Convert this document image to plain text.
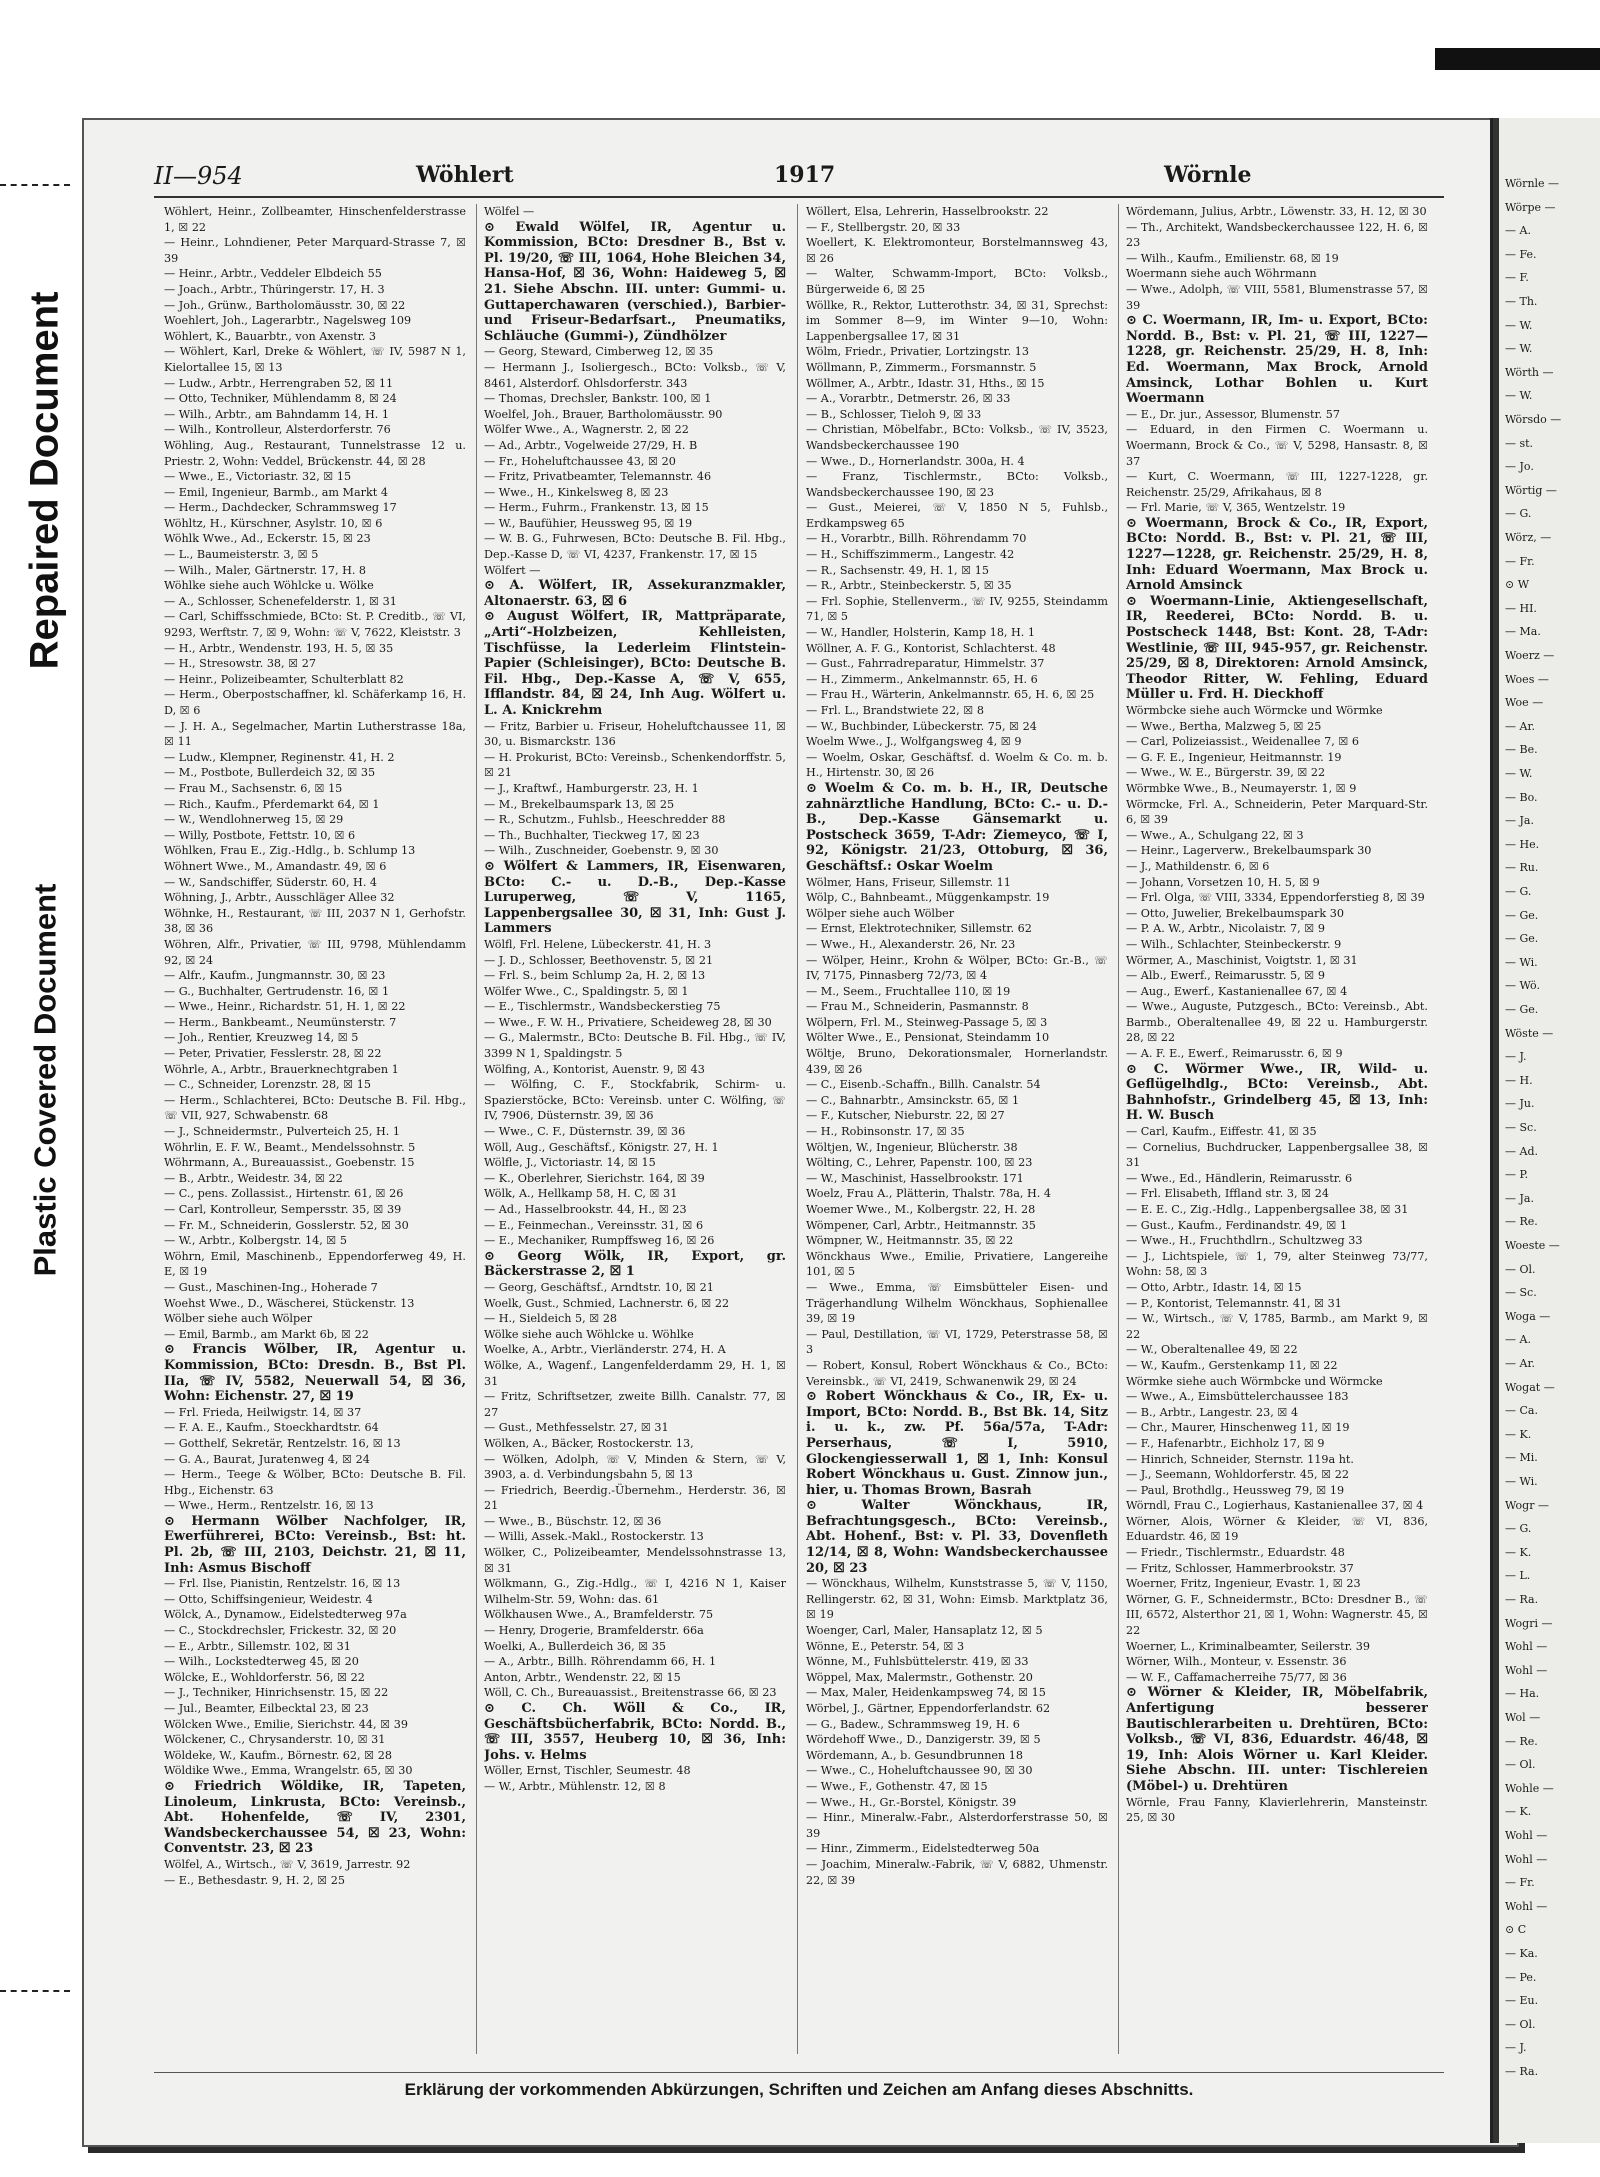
Repaired Document
Plastic Covered Document
II—954	Wöhlert	1917	Wörnle

Wöhlert, Heinr., Zollbeamter, Hinschenfelderstrasse 1, ☒ 22

— Heinr., Lohndiener, Peter Marquard-Strasse 7, ☒ 39

— Heinr., Arbtr., Veddeler Elbdeich 55

— Joach., Arbtr., Thüringerstr. 17, H. 3

— Joh., Grünw., Bartholomäusstr. 30, ☒ 22

Woehlert, Joh., Lagerarbtr., Nagelsweg 109

Wöhlert, K., Bauarbtr., von Axenstr. 3

— Wöhlert, Karl, Dreke & Wöhlert, ☏ IV, 5987 N 1, Kielortallee 15, ☒ 13

— Ludw., Arbtr., Herrengraben 52, ☒ 11

— Otto, Techniker, Mühlendamm 8, ☒ 24

— Wilh., Arbtr., am Bahndamm 14, H. 1

— Wilh., Kontrolleur, Alsterdorferstr. 76

Wöhling, Aug., Restaurant, Tunnelstrasse 12 u. Priestr. 2, Wohn: Veddel, Brückenstr. 44, ☒ 28

— Wwe., E., Victoriastr. 32, ☒ 15

— Emil, Ingenieur, Barmb., am Markt 4

— Herm., Dachdecker, Schrammsweg 17

Wöhltz, H., Kürschner, Asylstr. 10, ☒ 6

Wöhlk Wwe., Ad., Eckerstr. 15, ☒ 23

— L., Baumeisterstr. 3, ☒ 5

— Wilh., Maler, Gärtnerstr. 17, H. 8

Wöhlke siehe auch Wöhlcke u. Wölke

— A., Schlosser, Schenefelderstr. 1, ☒ 31

— Carl, Schiffsschmiede, BCto: St. P. Creditb., ☏ VI, 9293, Werftstr. 7, ☒ 9, Wohn: ☏ V, 7622, Kleiststr. 3

— H., Arbtr., Wendenstr. 193, H. 5, ☒ 35

— H., Stresowstr. 38, ☒ 27

— Heinr., Polizeibeamter, Schulterblatt 82

— Herm., Oberpostschaffner, kl. Schäferkamp 16, H. D, ☒ 6

— J. H. A., Segelmacher, Martin Lutherstrasse 18a, ☒ 11

— Ludw., Klempner, Reginenstr. 41, H. 2

— M., Postbote, Bullerdeich 32, ☒ 35

— Frau M., Sachsenstr. 6, ☒ 15

— Rich., Kaufm., Pferdemarkt 64, ☒ 1

— W., Wendlohnerweg 15, ☒ 29

— Willy, Postbote, Fettstr. 10, ☒ 6

Wöhlken, Frau E., Zig.-Hdlg., b. Schlump 13

Wöhnert Wwe., M., Amandastr. 49, ☒ 6

— W., Sandschiffer, Süderstr. 60, H. 4

Wöhning, J., Arbtr., Ausschläger Allee 32

Wöhnke, H., Restaurant, ☏ III, 2037 N 1, Gerhofstr. 38, ☒ 36

Wöhren, Alfr., Privatier, ☏ III, 9798, Mühlendamm 92, ☒ 24

— Alfr., Kaufm., Jungmannstr. 30, ☒ 23

— G., Buchhalter, Gertrudenstr. 16, ☒ 1

— Wwe., Heinr., Richardstr. 51, H. 1, ☒ 22

— Herm., Bankbeamt., Neumünsterstr. 7

— Joh., Rentier, Kreuzweg 14, ☒ 5

— Peter, Privatier, Fesslerstr. 28, ☒ 22

Wöhrle, A., Arbtr., Brauerknechtgraben 1

— C., Schneider, Lorenzstr. 28, ☒ 15

— Herm., Schlachterei, BCto: Deutsche B. Fil. Hbg., ☏ VII, 927, Schwabenstr. 68

— J., Schneidermstr., Pulverteich 25, H. 1

Wöhrlin, E. F. W., Beamt., Mendelssohnstr. 5

Wöhrmann, A., Bureauassist., Goebenstr. 15

— B., Arbtr., Weidestr. 34, ☒ 22

— C., pens. Zollassist., Hirtenstr. 61, ☒ 26

— Carl, Kontrolleur, Sempersstr. 35, ☒ 39

— Fr. M., Schneiderin, Gosslerstr. 52, ☒ 30

— W., Arbtr., Kolbergstr. 14, ☒ 5

Wöhrn, Emil, Maschinenb., Eppendorferweg 49, H. E, ☒ 19

— Gust., Maschinen-Ing., Hoherade 7

Woehst Wwe., D., Wäscherei, Stückenstr. 13

Wölber siehe auch Wölper

— Emil, Barmb., am Markt 6b, ☒ 22

⊙ Francis Wölber, IR, Agentur u. Kommission, BCto: Dresdn. B., Bst Pl. IIa, ☏ IV, 5582, Neuerwall 54, ☒ 36, Wohn: Eichenstr. 27, ☒ 19

— Frl. Frieda, Heilwigstr. 14, ☒ 37

— F. A. E., Kaufm., Stoeckhardtstr. 64

— Gotthelf, Sekretär, Rentzelstr. 16, ☒ 13

— G. A., Baurat, Juratenweg 4, ☒ 24

— Herm., Teege & Wölber, BCto: Deutsche B. Fil. Hbg., Eichenstr. 63

— Wwe., Herm., Rentzelstr. 16, ☒ 13

⊙ Hermann Wölber Nachfolger, IR, Ewerführerei, BCto: Vereinsb., Bst: ht. Pl. 2b, ☏ III, 2103, Deichstr. 21, ☒ 11, Inh: Asmus Bischoff

— Frl. Ilse, Pianistin, Rentzelstr. 16, ☒ 13

— Otto, Schiffsingenieur, Weidestr. 4

Wölck, A., Dynamow., Eidelstedterweg 97a

— C., Stockdrechsler, Frickestr. 32, ☒ 20

— E., Arbtr., Sillemstr. 102, ☒ 31

— Wilh., Lockstedterweg 45, ☒ 20

Wölcke, E., Wohldorferstr. 56, ☒ 22

— J., Techniker, Hinrichsenstr. 15, ☒ 22

— Jul., Beamter, Eilbecktal 23, ☒ 23

Wölcken Wwe., Emilie, Sierichstr. 44, ☒ 39

Wölckener, C., Chrysanderstr. 10, ☒ 31

Wöldeke, W., Kaufm., Börnestr. 62, ☒ 28

Wöldike Wwe., Emma, Wrangelstr. 65, ☒ 30

⊙ Friedrich Wöldike, IR, Tapeten, Linoleum, Linkrusta, BCto: Vereinsb., Abt. Hohenfelde, ☏ IV, 2301, Wandsbeckerchaussee 54, ☒ 23, Wohn: Conventstr. 23, ☒ 23

Wölfel, A., Wirtsch., ☏ V, 3619, Jarrestr. 92

— E., Bethesdastr. 9, H. 2, ☒ 25

Wölfel —

⊙ Ewald Wölfel, IR, Agentur u. Kommission, BCto: Dresdner B., Bst v. Pl. 19/20, ☏ III, 1064, Hohe Bleichen 34, Hansa-Hof, ☒ 36, Wohn: Haideweg 5, ☒ 21. Siehe Abschn. III. unter: Gummi- u. Guttaperchawaren (verschied.), Barbier- und Friseur-Bedarfsart., Pneumatiks, Schläuche (Gummi-), Zündhölzer

— Georg, Steward, Cimberweg 12, ☒ 35

— Hermann J., Isoliergesch., BCto: Volksb., ☏ V, 8461, Alsterdorf. Ohlsdorferstr. 343

— Thomas, Drechsler, Bankstr. 100, ☒ 1

Woelfel, Joh., Brauer, Bartholomäusstr. 90

Wölfer Wwe., A., Wagnerstr. 2, ☒ 22

— Ad., Arbtr., Vogelweide 27/29, H. B

— Fr., Hoheluftchaussee 43, ☒ 20

— Fritz, Privatbeamter, Telemannstr. 46

— Wwe., H., Kinkelsweg 8, ☒ 23

— Herm., Fuhrm., Frankenstr. 13, ☒ 15

— W., Baufühier, Heussweg 95, ☒ 19

— W. B. G., Fuhrwesen, BCto: Deutsche B. Fil. Hbg., Dep.-Kasse D, ☏ VI, 4237, Frankenstr. 17, ☒ 15

Wölfert —

⊙ A. Wölfert, IR, Assekuranzmakler, Altonaerstr. 63, ☒ 6

⊙ August Wölfert, IR, Mattpräparate, „Arti“-Holzbeizen, Kehlleisten, Tischfüsse, la Lederleim Flintstein-Papier (Schleisinger), BCto: Deutsche B. Fil. Hbg., Dep.-Kasse A, ☏ V, 655, Ifflandstr. 84, ☒ 24, Inh Aug. Wölfert u. L. A. Knickrehm

— Fritz, Barbier u. Friseur, Hoheluftchaussee 11, ☒ 30, u. Bismarckstr. 136

— H. Prokurist, BCto: Vereinsb., Schenkendorffstr. 5, ☒ 21

— J., Kraftwf., Hamburgerstr. 23, H. 1

— M., Brekelbaumspark 13, ☒ 25

— R., Schutzm., Fuhlsb., Heeschredder 88

— Th., Buchhalter, Tieckweg 17, ☒ 23

— Wilh., Zuschneider, Goebenstr. 9, ☒ 30

⊙ Wölfert & Lammers, IR, Eisenwaren, BCto: C.- u. D.-B., Dep.-Kasse Luruperweg, ☏ V, 1165, Lappenbergsallee 30, ☒ 31, Inh: Gust J. Lammers

Wölfl, Frl. Helene, Lübeckerstr. 41, H. 3

— J. D., Schlosser, Beethovenstr. 5, ☒ 21

— Frl. S., beim Schlump 2a, H. 2, ☒ 13

Wölfer Wwe., C., Spaldingstr. 5, ☒ 1

— E., Tischlermstr., Wandsbeckerstieg 75

— Wwe., F. W. H., Privatiere, Scheideweg 28, ☒ 30

— G., Malermstr., BCto: Deutsche B. Fil. Hbg., ☏ IV, 3399 N 1, Spaldingstr. 5

Wölfing, A., Kontorist, Auenstr. 9, ☒ 43

— Wölfing, C. F., Stockfabrik, Schirm- u. Spazierstöcke, BCto: Vereinsb. unter C. Wölfing, ☏ IV, 7906, Düsternstr. 39, ☒ 36

— Wwe., C. F., Düsternstr. 39, ☒ 36

Wöll, Aug., Geschäftsf., Königstr. 27, H. 1

Wölfle, J., Victoriastr. 14, ☒ 15

— K., Oberlehrer, Sierichstr. 164, ☒ 39

Wölk, A., Hellkamp 58, H. C, ☒ 31

— Ad., Hasselbrookstr. 44, H., ☒ 23

— E., Feinmechan., Vereinsstr. 31, ☒ 6

— E., Mechaniker, Rumpffsweg 16, ☒ 26

⊙ Georg Wölk, IR, Export, gr. Bäckerstrasse 2, ☒ 1

— Georg, Geschäftsf., Arndtstr. 10, ☒ 21

Woelk, Gust., Schmied, Lachnerstr. 6, ☒ 22

— H., Sieldeich 5, ☒ 28

Wölke siehe auch Wöhlcke u. Wöhlke

Woelke, A., Arbtr., Vierländerstr. 274, H. A

Wölke, A., Wagenf., Langenfelderdamm 29, H. 1, ☒ 31

— Fritz, Schriftsetzer, zweite Billh. Canalstr. 77, ☒ 27

— Gust., Methfesselstr. 27, ☒ 31

Wölken, A., Bäcker, Rostockerstr. 13,

— Wölken, Adolph, ☏ V, Minden & Stern, ☏ V, 3903, a. d. Verbindungsbahn 5, ☒ 13

— Friedrich, Beerdig.-Übernehm., Herderstr. 36, ☒ 21

— Wwe., B., Büschstr. 12, ☒ 36

— Willi, Assek.-Makl., Rostockerstr. 13

Wölker, C., Polizeibeamter, Mendelssohnstrasse 13, ☒ 31

Wölkmann, G., Zig.-Hdlg., ☏ I, 4216 N 1, Kaiser Wilhelm-Str. 59, Wohn: das. 61

Wölkhausen Wwe., A., Bramfelderstr. 75

— Henry, Drogerie, Bramfelderstr. 66a

Woelki, A., Bullerdeich 36, ☒ 35

— A., Arbtr., Billh. Röhrendamm 66, H. 1

Anton, Arbtr., Wendenstr. 22, ☒ 15

Wöll, C. Ch., Bureauassist., Breitenstrasse 66, ☒ 23

⊙ C. Ch. Wöll & Co., IR, Geschäftsbücherfabrik, BCto: Nordd. B., ☏ III, 3557, Heuberg 10, ☒ 36, Inh: Johs. v. Helms

Wöller, Ernst, Tischler, Seumestr. 48

— W., Arbtr., Mühlenstr. 12, ☒ 8

Wöllert, Elsa, Lehrerin, Hasselbrookstr. 22

— F., Stellbergstr. 20, ☒ 33

Woellert, K. Elektromonteur, Borstelmannsweg 43, ☒ 26

— Walter, Schwamm-Import, BCto: Volksb., Bürgerweide 6, ☒ 25

Wöllke, R., Rektor, Lutterothstr. 34, ☒ 31, Sprechst: im Sommer 8—9, im Winter 9—10, Wohn: Lappenbergsallee 17, ☒ 31

Wölm, Friedr., Privatier, Lortzingstr. 13

Wöllmann, P., Zimmerm., Forsmannstr. 5

Wöllmer, A., Arbtr., Idastr. 31, Hths., ☒ 15

— A., Vorarbtr., Detmerstr. 26, ☒ 33

— B., Schlosser, Tieloh 9, ☒ 33

— Christian, Möbelfabr., BCto: Volksb., ☏ IV, 3523, Wandsbeckerchaussee 190

— Wwe., D., Hornerlandstr. 300a, H. 4

— Franz, Tischlermstr., BCto: Volksb., Wandsbeckerchaussee 190, ☒ 23

— Gust., Meierei, ☏ V, 1850 N 5, Fuhlsb., Erdkampsweg 65

— H., Vorarbtr., Billh. Röhrendamm 70

— H., Schiffszimmerm., Langestr. 42

— R., Sachsenstr. 49, H. 1, ☒ 15

— R., Arbtr., Steinbeckerstr. 5, ☒ 35

— Frl. Sophie, Stellenverm., ☏ IV, 9255, Steindamm 71, ☒ 5

— W., Handler, Holsterin, Kamp 18, H. 1

Wöllner, A. F. G., Kontorist, Schlachterst. 48

— Gust., Fahrradreparatur, Himmelstr. 37

— H., Zimmerm., Ankelmannstr. 65, H. 6

— Frau H., Wärterin, Ankelmannstr. 65, H. 6, ☒ 25

— Frl. L., Brandstwiete 22, ☒ 8

— W., Buchbinder, Lübeckerstr. 75, ☒ 24

Woelm Wwe., J., Wolfgangsweg 4, ☒ 9

— Woelm, Oskar, Geschäftsf. d. Woelm & Co. m. b. H., Hirtenstr. 30, ☒ 26

⊙ Woelm & Co. m. b. H., IR, Deutsche zahnärztliche Handlung, BCto: C.- u. D.-B., Dep.-Kasse Gänsemarkt u. Postscheck 3659, T-Adr: Ziemeyco, ☏ I, 92, Königstr. 21/23, Ottoburg, ☒ 36, Geschäftsf.: Oskar Woelm

Wölmer, Hans, Friseur, Sillemstr. 11

Wölp, C., Bahnbeamt., Müggenkampstr. 19

Wölper siehe auch Wölber

— Ernst, Elektrotechniker, Sillemstr. 62

— Wwe., H., Alexanderstr. 26, Nr. 23

— Wölper, Heinr., Krohn & Wölper, BCto: Gr.-B., ☏ IV, 7175, Pinnasberg 72/73, ☒ 4

— M., Seem., Fruchtallee 110, ☒ 19

— Frau M., Schneiderin, Pasmannstr. 8

Wölpern, Frl. M., Steinweg-Passage 5, ☒ 3

Wölter Wwe., E., Pensionat, Steindamm 10

Wöltje, Bruno, Dekorationsmaler, Hornerlandstr. 439, ☒ 26

— C., Eisenb.-Schaffn., Billh. Canalstr. 54

— C., Bahnarbtr., Amsinckstr. 65, ☒ 1

— F., Kutscher, Nieburstr. 22, ☒ 27

— H., Robinsonstr. 17, ☒ 35

Wöltjen, W., Ingenieur, Blücherstr. 38

Wölting, C., Lehrer, Papenstr. 100, ☒ 23

— W., Maschinist, Hasselbrookstr. 171

Woelz, Frau A., Plätterin, Thalstr. 78a, H. 4

Woemer Wwe., M., Kolbergstr. 22, H. 28

Wömpener, Carl, Arbtr., Heitmannstr. 35

Wömpner, W., Heitmannstr. 35, ☒ 22

Wönckhaus Wwe., Emilie, Privatiere, Langereihe 101, ☒ 5

— Wwe., Emma, ☏ Eimsbütteler Eisen- und Trägerhandlung Wilhelm Wönckhaus, Sophienallee 39, ☒ 19

— Paul, Destillation, ☏ VI, 1729, Peterstrasse 58, ☒ 3

— Robert, Konsul, Robert Wönckhaus & Co., BCto: Vereinsbk., ☏ VI, 2419, Schwanenwik 29, ☒ 24

⊙ Robert Wönckhaus & Co., IR, Ex- u. Import, BCto: Nordd. B., Bst Bk. 14, Sitz i. u. k., zw. Pf. 56a/57a, T-Adr: Perserhaus, ☏ I, 5910, Glockengiesserwall 1, ☒ 1, Inh: Konsul Robert Wönckhaus u. Gust. Zinnow jun., hier, u. Thomas Brown, Basrah

⊙ Walter Wönckhaus, IR, Befrachtungsgesch., BCto: Vereinsb., Abt. Hohenf., Bst: v. Pl. 33, Dovenfleth 12/14, ☒ 8, Wohn: Wandsbeckerchaussee 20, ☒ 23

— Wönckhaus, Wilhelm, Kunststrasse 5, ☏ V, 1150, Rellingerstr. 62, ☒ 31, Wohn: Eimsb. Marktplatz 36, ☒ 19

Woenger, Carl, Maler, Hansaplatz 12, ☒ 5

Wönne, E., Peterstr. 54, ☒ 3

Wönne, M., Fuhlsbüttelerstr. 419, ☒ 33

Wöppel, Max, Malermstr., Gothenstr. 20

— Max, Maler, Heidenkampsweg 74, ☒ 15

Wörbel, J., Gärtner, Eppendorferlandstr. 62

— G., Badew., Schrammsweg 19, H. 6

Wördehoff Wwe., D., Danzigerstr. 39, ☒ 5

Wördemann, A., b. Gesundbrunnen 18

— Wwe., C., Hoheluftchaussee 90, ☒ 30

— Wwe., F., Gothenstr. 47, ☒ 15

— Wwe., H., Gr.-Borstel, Königstr. 39

— Hinr., Mineralw.-Fabr., Alsterdorferstrasse 50, ☒ 39

— Hinr., Zimmerm., Eidelstedterweg 50a

— Joachim, Mineralw.-Fabrik, ☏ V, 6882, Uhmenstr. 22, ☒ 39

Wördemann, Julius, Arbtr., Löwenstr. 33, H. 12, ☒ 30

— Th., Architekt, Wandsbeckerchaussee 122, H. 6, ☒ 23

— Wilh., Kaufm., Emilienstr. 68, ☒ 19

Woermann siehe auch Wöhrmann

— Wwe., Adolph, ☏ VIII, 5581, Blumenstrasse 57, ☒ 39

⊙ C. Woermann, IR, Im- u. Export, BCto: Nordd. B., Bst: v. Pl. 21, ☏ III, 1227—1228, gr. Reichenstr. 25/29, H. 8, Inh: Ed. Woermann, Max Brock, Arnold Amsinck, Lothar Bohlen u. Kurt Woermann

— E., Dr. jur., Assessor, Blumenstr. 57

— Eduard, in den Firmen C. Woermann u. Woermann, Brock & Co., ☏ V, 5298, Hansastr. 8, ☒ 37

— Kurt, C. Woermann, ☏ III, 1227-1228, gr. Reichenstr. 25/29, Afrikahaus, ☒ 8

— Frl. Marie, ☏ V, 365, Wentzelstr. 19

⊙ Woermann, Brock & Co., IR, Export, BCto: Nordd. B., Bst: v. Pl. 21, ☏ III, 1227—1228, gr. Reichenstr. 25/29, H. 8, Inh: Eduard Woermann, Max Brock u. Arnold Amsinck

⊙ Woermann-Linie, Aktiengesellschaft, IR, Reederei, BCto: Nordd. B. u. Postscheck 1448, Bst: Kont. 28, T-Adr: Westlinie, ☏ III, 945-957, gr. Reichenstr. 25/29, ☒ 8, Direktoren: Arnold Amsinck, Theodor Ritter, W. Fehling, Eduard Müller u. Frd. H. Dieckhoff

Wörmbcke siehe auch Wörmcke und Wörmke

— Wwe., Bertha, Malzweg 5, ☒ 25

— Carl, Polizeiassist., Weidenallee 7, ☒ 6

— G. F. E., Ingenieur, Heitmannstr. 19

— Wwe., W. E., Bürgerstr. 39, ☒ 22

Wörmbke Wwe., B., Neumayerstr. 1, ☒ 9

Wörmcke, Frl. A., Schneiderin, Peter Marquard-Str. 6, ☒ 39

— Wwe., A., Schulgang 22, ☒ 3

— Heinr., Lagerverw., Brekelbaumspark 30

— J., Mathildenstr. 6, ☒ 6

— Johann, Vorsetzen 10, H. 5, ☒ 9

— Frl. Olga, ☏ VIII, 3334, Eppendorferstieg 8, ☒ 39

— Otto, Juwelier, Brekelbaumspark 30

— P. A. W., Arbtr., Nicolaistr. 7, ☒ 9

— Wilh., Schlachter, Steinbeckerstr. 9

Wörmer, A., Maschinist, Voigtstr. 1, ☒ 31

— Alb., Ewerf., Reimarusstr. 5, ☒ 9

— Aug., Ewerf., Kastanienallee 67, ☒ 4

— Wwe., Auguste, Putzgesch., BCto: Vereinsb., Abt. Barmb., Oberaltenallee 49, ☒ 22 u. Hamburgerstr. 28, ☒ 22

— A. F. E., Ewerf., Reimarusstr. 6, ☒ 9

⊙ C. Wörmer Wwe., IR, Wild- u. Geflügelhdlg., BCto: Vereinsb., Abt. Bahnhofstr., Grindelberg 45, ☒ 13, Inh: H. W. Busch

— Carl, Kaufm., Eiffestr. 41, ☒ 35

— Cornelius, Buchdrucker, Lappenbergsallee 38, ☒ 31

— Wwe., Ed., Händlerin, Reimarusstr. 6

— Frl. Elisabeth, Iffland str. 3, ☒ 24

— E. E. C., Zig.-Hdlg., Lappenbergsallee 38, ☒ 31

— Gust., Kaufm., Ferdinandstr. 49, ☒ 1

— Wwe., H., Fruchthdlrn., Schultzweg 33

— J., Lichtspiele, ☏ 1, 79, alter Steinweg 73/77, Wohn: 58, ☒ 3

— Otto, Arbtr., Idastr. 14, ☒ 15

— P., Kontorist, Telemannstr. 41, ☒ 31

— W., Wirtsch., ☏ V, 1785, Barmb., am Markt 9, ☒ 22

— W., Oberaltenallee 49, ☒ 22

— W., Kaufm., Gerstenkamp 11, ☒ 22

Wörmke siehe auch Wörmbcke und Wörmcke

— Wwe., A., Eimsbüttelerchaussee 183

— B., Arbtr., Langestr. 23, ☒ 4

— Chr., Maurer, Hinschenweg 11, ☒ 19

— F., Hafenarbtr., Eichholz 17, ☒ 9

— Hinrich, Schneider, Sternstr. 119a ht.

— J., Seemann, Wohldorferstr. 45, ☒ 22

— Paul, Brothdlg., Heussweg 79, ☒ 19

Wörndl, Frau C., Logierhaus, Kastanienallee 37, ☒ 4

Wörner, Alois, Wörner & Kleider, ☏ VI, 836, Eduardstr. 46, ☒ 19

— Friedr., Tischlermstr., Eduardstr. 48

— Fritz, Schlosser, Hammerbrookstr. 37

Woerner, Fritz, Ingenieur, Evastr. 1, ☒ 23

Wörner, G. F., Schneidermstr., BCto: Dresdner B., ☏ III, 6572, Alsterthor 21, ☒ 1, Wohn: Wagnerstr. 45, ☒ 22

Woerner, L., Kriminalbeamter, Seilerstr. 39

Wörner, Wilh., Monteur, v. Essenstr. 36

— W. F., Caffamacherreihe 75/77, ☒ 36

⊙ Wörner & Kleider, IR, Möbelfabrik, Anfertigung besserer Bautischlerarbeiten u. Drehtüren, BCto: Volksb., ☏ VI, 836, Eduardstr. 46/48, ☒ 19, Inh: Alois Wörner u. Karl Kleider. Siehe Abschn. III. unter: Tischlereien (Möbel-) u. Drehtüren

Wörnle, Frau Fanny, Klavierlehrerin, Mansteinstr. 25, ☒ 30

Erklärung der vorkommenden Abkürzungen, Schriften und Zeichen am Anfang dieses Abschnitts.
Wörnle —
Wörpe —
— A.
— Fe.
— F.
— Th.
— W.
— W.
Wörth —
— W.
Wörsdo —
— st.
— Jo.
Wörtig —
— G.
Wörz, —
— Fr.
⊙ W
— HI.
— Ma.
Woerz —
Woes —
Woe —
— Ar.
— Be.
— W.
— Bo.
— Ja.
— He.
— Ru.
— G.
— Ge.
— Ge.
— Wi.
— Wö.
— Ge.
Wöste —
— J.
— H.
— Ju.
— Sc.
— Ad.
— P.
— Ja.
— Re.
Woeste —
— Ol.
— Sc.
Woga —
— A.
— Ar.
Wogat —
— Ca.
— K.
— Mi.
— Wi.
Wogr —
— G.
— K.
— L.
— Ra.
Wogri —
Wohl —
Wohl —
— Ha.
Wol —
— Re.
— Ol.
Wohle —
— K.
Wohl —
Wohl —
— Fr.
Wohl —
⊙ C
— Ka.
— Pe.
— Eu.
— Ol.
— J.
— Ra.
